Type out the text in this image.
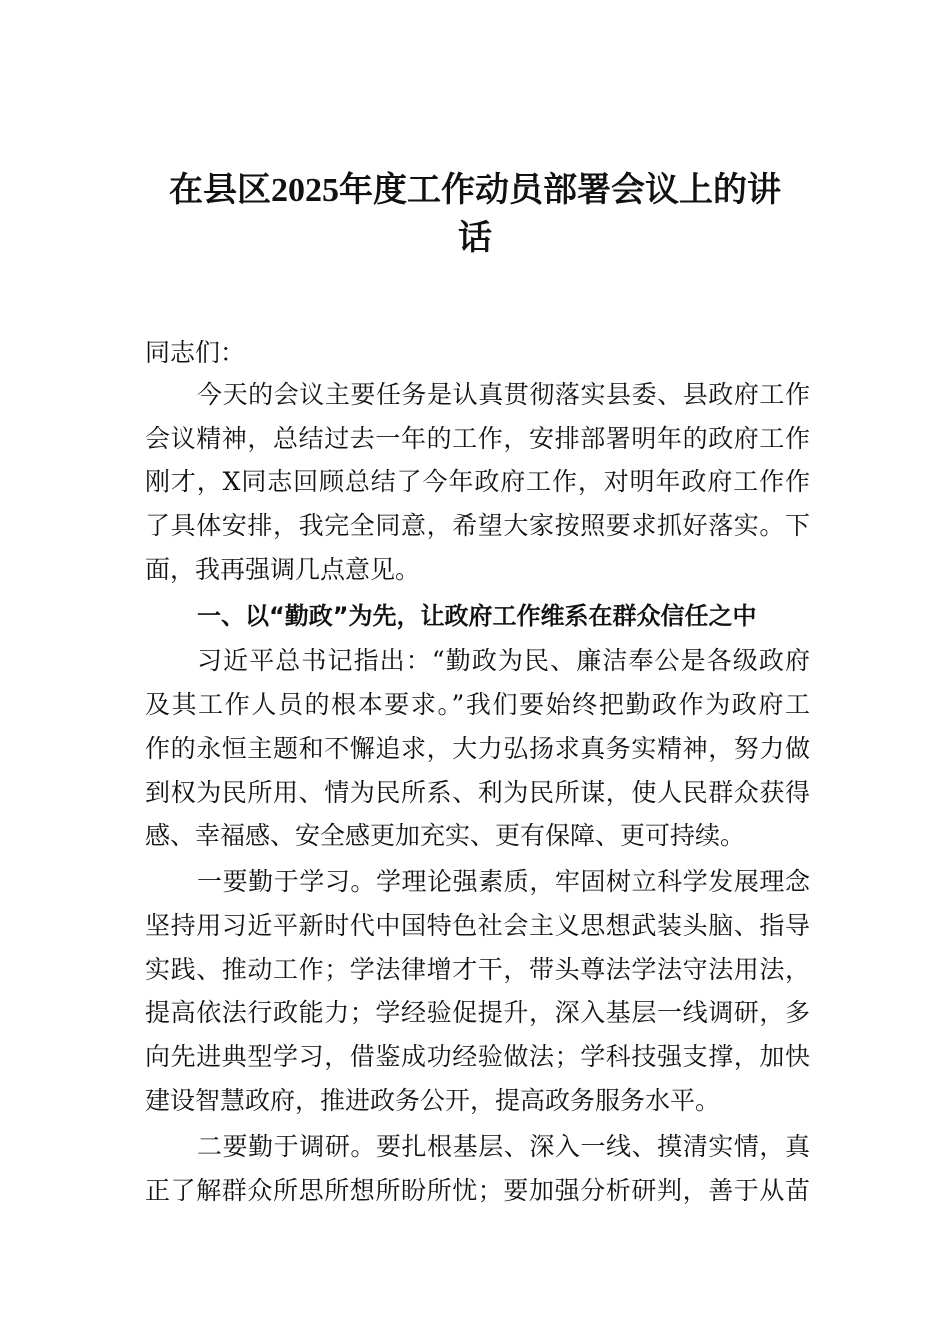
在县区2025年度工作动员部署会议上的讲
话
同志们：
今天的会议主要任务是认真贯彻落实县委、县政府工作
会议精神，总结过去一年的工作，安排部署明年的政府工作
刚才，X同志回顾总结了今年政府工作，对明年政府工作作
了具体安排，我完全同意，希望大家按照要求抓好落实。下
面，我再强调几点意见。
一、以“勤政”为先，让政府工作维系在群众信任之中
习近平总书记指出：“勤政为民、廉洁奉公是各级政府
及其工作人员的根本要求。”我们要始终把勤政作为政府工
作的永恒主题和不懈追求，大力弘扬求真务实精神，努力做
到权为民所用、情为民所系、利为民所谋，使人民群众获得
感、幸福感、安全感更加充实、更有保障、更可持续。
一要勤于学习。学理论强素质，牢固树立科学发展理念
坚持用习近平新时代中国特色社会主义思想武装头脑、指导
实践、推动工作；学法律增才干，带头尊法学法守法用法，
提高依法行政能力；学经验促提升，深入基层一线调研，多
向先进典型学习，借鉴成功经验做法；学科技强支撑，加快
建设智慧政府，推进政务公开，提高政务服务水平。
二要勤于调研。要扎根基层、深入一线、摸清实情，真
正了解群众所思所想所盼所忧；要加强分析研判，善于从苗
